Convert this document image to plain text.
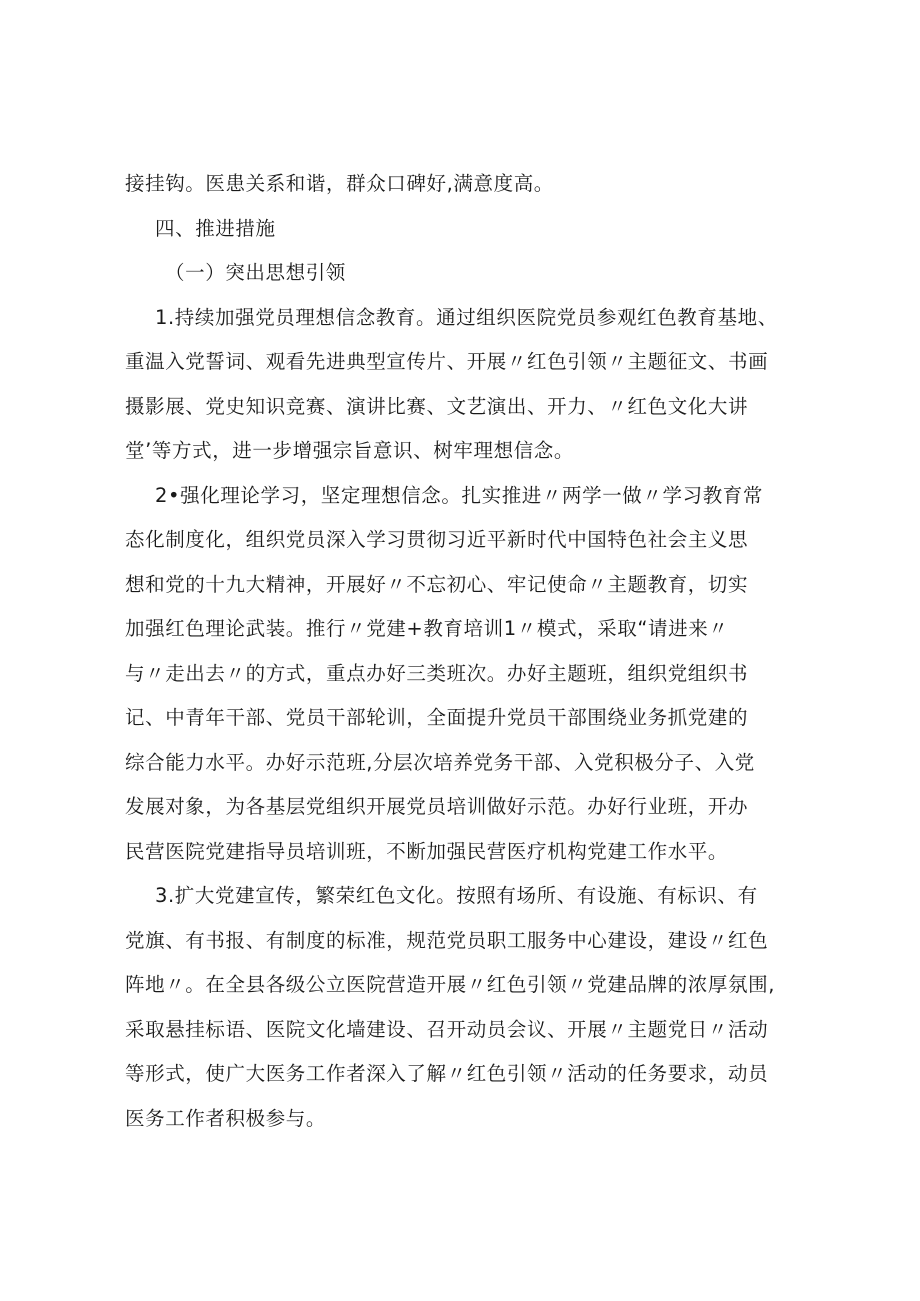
接挂钩。医患关系和谐，群众口碑好,满意度高。
四、推进措施
（一）突出思想引领
1.持续加强党员理想信念教育。通过组织医院党员参观红色教育基地、
重温入党誓词、观看先进典型宣传片、开展〃红色引领〃主题征文、书画
摄影展、党史知识竞赛、演讲比赛、文艺演出、开力、〃红色文化大讲
堂’等方式，进一步增强宗旨意识、树牢理想信念。
2•强化理论学习，坚定理想信念。扎实推进〃两学一做〃学习教育常
态化制度化，组织党员深入学习贯彻习近平新时代中国特色社会主义思
想和党的十九大精神，开展好〃不忘初心、牢记使命〃主题教育，切实
加强红色理论武装。推行〃党建+教育培训1〃模式，采取“请进来〃
与〃走出去〃的方式，重点办好三类班次。办好主题班，组织党组织书
记、中青年干部、党员干部轮训，全面提升党员干部围绕业务抓党建的
综合能力水平。办好示范班,分层次培养党务干部、入党积极分子、入党
发展对象，为各基层党组织开展党员培训做好示范。办好行业班，开办
民营医院党建指导员培训班，不断加强民营医疗机构党建工作水平。
3.扩大党建宣传，繁荣红色文化。按照有场所、有设施、有标识、有
党旗、有书报、有制度的标准，规范党员职工服务中心建设，建设〃红色
阵地〃。在全县各级公立医院营造开展〃红色引领〃党建品牌的浓厚氛围,
采取悬挂标语、医院文化墙建设、召开动员会议、开展〃主题党日〃活动
等形式，使广大医务工作者深入了解〃红色引领〃活动的任务要求，动员
医务工作者积极参与。
